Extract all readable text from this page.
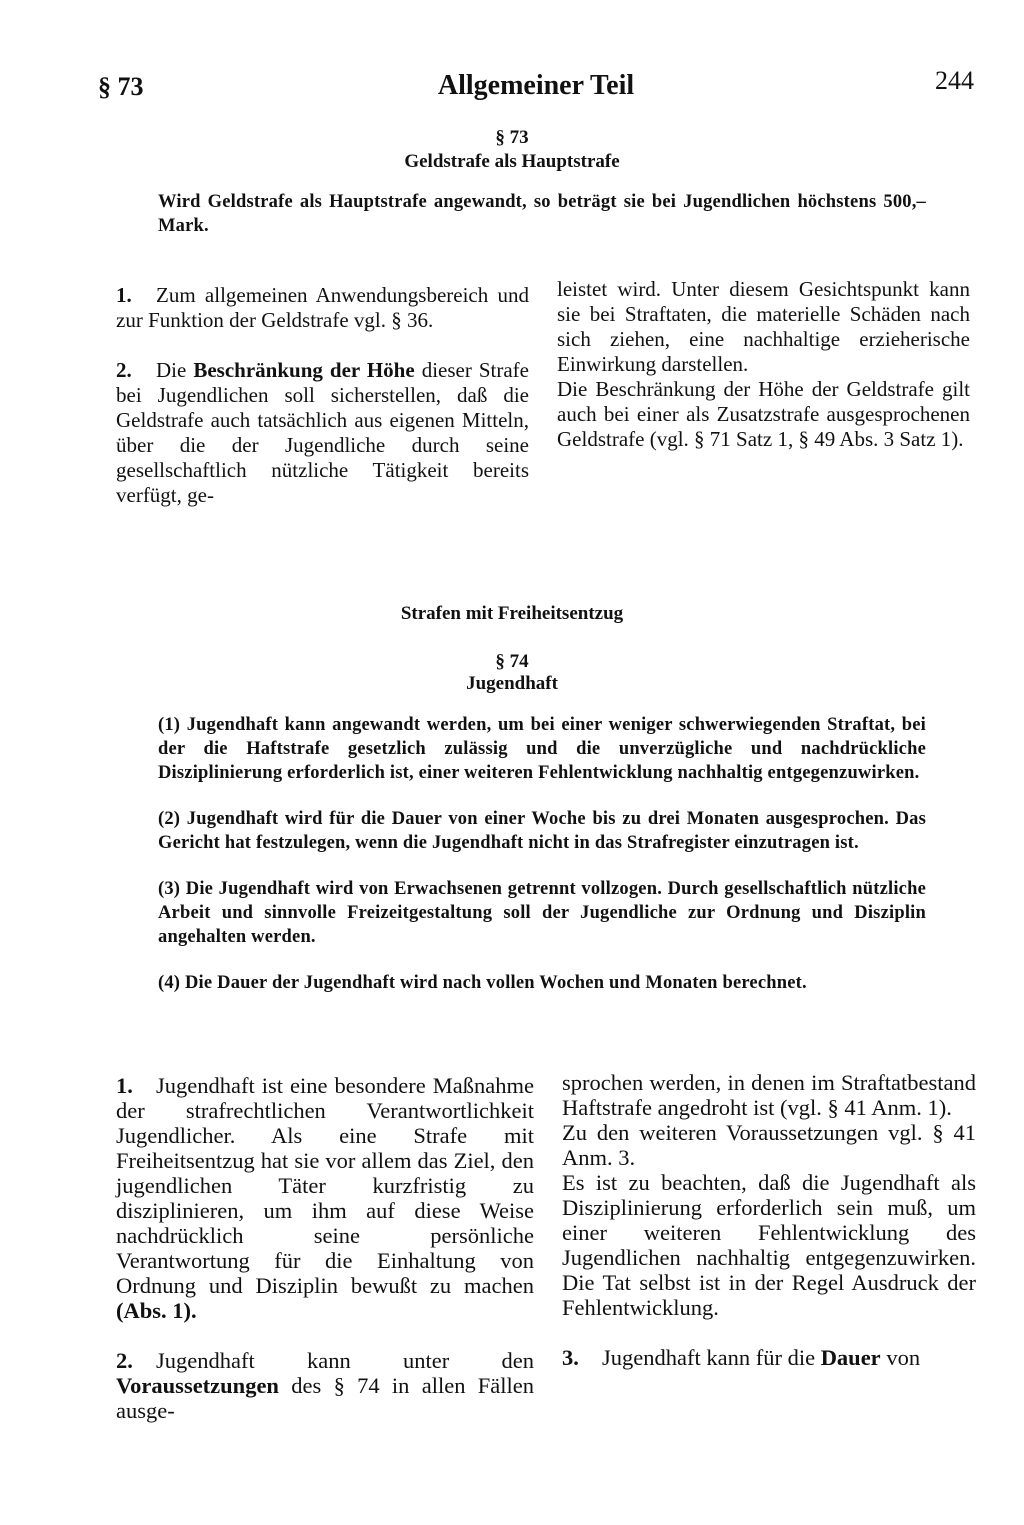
§ 73	Allgemeiner Teil	244
§ 73
Geldstrafe als Hauptstrafe

Wird Geldstrafe als Hauptstrafe angewandt, so beträgt sie bei Jugendlichen höchstens 500,– Mark.

1. Zum allgemeinen Anwendungsbereich und zur Funktion der Geldstrafe vgl. § 36.

2. Die Beschränkung der Höhe dieser Strafe bei Jugendlichen soll sicherstellen, daß die Geldstrafe auch tatsächlich aus eigenen Mitteln, über die der Jugendliche durch seine gesellschaftlich nützliche Tätigkeit bereits verfügt, ge-

leistet wird. Unter diesem Gesichtspunkt kann sie bei Straftaten, die materielle Schäden nach sich ziehen, eine nachhaltige erzieherische Einwirkung darstellen.

Die Beschränkung der Höhe der Geldstrafe gilt auch bei einer als Zusatzstrafe ausgesprochenen Geldstrafe (vgl. § 71 Satz 1, § 49 Abs. 3 Satz 1).

Strafen mit Freiheitsentzug
§ 74
Jugendhaft

(1) Jugendhaft kann angewandt werden, um bei einer weniger schwerwiegenden Straftat, bei der die Haftstrafe gesetzlich zulässig und die unverzügliche und nachdrückliche Disziplinierung erforderlich ist, einer weiteren Fehlentwicklung nachhaltig entgegenzuwirken.

(2) Jugendhaft wird für die Dauer von einer Woche bis zu drei Monaten ausgesprochen. Das Gericht hat festzulegen, wenn die Jugendhaft nicht in das Strafregister einzutragen ist.

(3) Die Jugendhaft wird von Erwachsenen getrennt vollzogen. Durch gesellschaftlich nützliche Arbeit und sinnvolle Freizeitgestaltung soll der Jugendliche zur Ordnung und Disziplin angehalten werden.

(4) Die Dauer der Jugendhaft wird nach vollen Wochen und Monaten berechnet.

1. Jugendhaft ist eine besondere Maßnahme der strafrechtlichen Verantwortlichkeit Jugendlicher. Als eine Strafe mit Freiheitsentzug hat sie vor allem das Ziel, den jugendlichen Täter kurzfristig zu disziplinieren, um ihm auf diese Weise nachdrücklich seine persönliche Verantwortung für die Einhaltung von Ordnung und Disziplin bewußt zu machen (Abs. 1).

2. Jugendhaft kann unter den Voraussetzungen des § 74 in allen Fällen ausge-

sprochen werden, in denen im Straftatbestand Haftstrafe angedroht ist (vgl. § 41 Anm. 1).

Zu den weiteren Voraussetzungen vgl. § 41 Anm. 3.

Es ist zu beachten, daß die Jugendhaft als Disziplinierung erforderlich sein muß, um einer weiteren Fehlentwicklung des Jugendlichen nachhaltig entgegenzuwirken. Die Tat selbst ist in der Regel Ausdruck der Fehlentwicklung.

3. Jugendhaft kann für die Dauer von
